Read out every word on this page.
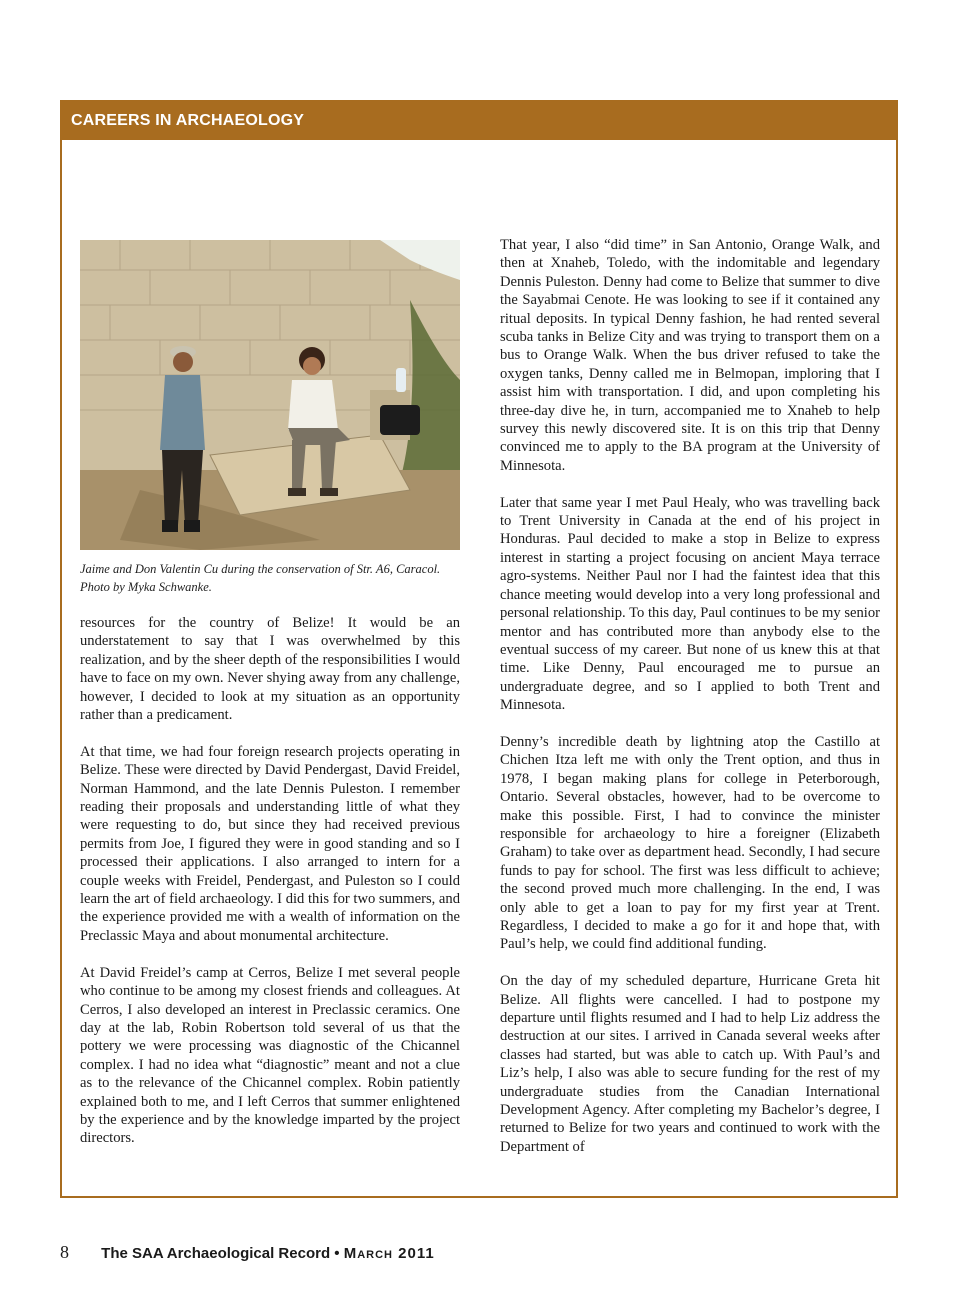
CAREERS IN ARCHAEOLOGY
Jaime and Don Valentin Cu during the conservation of Str. A6, Caracol. Photo by Myka Schwanke.

resources for the country of Belize! It would be an understatement to say that I was overwhelmed by this realization, and by the sheer depth of the responsibilities I would have to face on my own. Never shying away from any challenge, however, I decided to look at my situation as an opportunity rather than a predicament.

At that time, we had four foreign research projects operating in Belize. These were directed by David Pendergast, David Freidel, Norman Hammond, and the late Dennis Puleston. I remember reading their proposals and understanding little of what they were requesting to do, but since they had received previous permits from Joe, I figured they were in good standing and so I processed their applications. I also arranged to intern for a couple weeks with Freidel, Pendergast, and Puleston so I could learn the art of field archaeology. I did this for two summers, and the experience provided me with a wealth of information on the Preclassic Maya and about monumental architecture.

At David Freidel’s camp at Cerros, Belize I met several people who continue to be among my closest friends and colleagues. At Cerros, I also developed an interest in Preclassic ceramics. One day at the lab, Robin Robertson told several of us that the pottery we were processing was diagnostic of the Chicannel complex. I had no idea what “diagnostic” meant and not a clue as to the relevance of the Chicannel complex. Robin patiently explained both to me, and I left Cerros that summer enlightened by the experience and by the knowledge imparted by the project directors.

That year, I also “did time” in San Antonio, Orange Walk, and then at Xnaheb, Toledo, with the indomitable and legendary Dennis Puleston. Denny had come to Belize that summer to dive the Sayabmai Cenote. He was looking to see if it contained any ritual deposits. In typical Denny fashion, he had rented several scuba tanks in Belize City and was trying to transport them on a bus to Orange Walk. When the bus driver refused to take the oxygen tanks, Denny called me in Belmopan, imploring that I assist him with transportation. I did, and upon completing his three-day dive he, in turn, accompanied me to Xnaheb to help survey this newly discovered site. It is on this trip that Denny convinced me to apply to the BA program at the University of Minnesota.

Later that same year I met Paul Healy, who was travelling back to Trent University in Canada at the end of his project in Honduras. Paul decided to make a stop in Belize to express interest in starting a project focusing on ancient Maya terrace agro-systems. Neither Paul nor I had the faintest idea that this chance meeting would develop into a very long professional and personal relationship. To this day, Paul continues to be my senior mentor and has contributed more than anybody else to the eventual success of my career. But none of us knew this at that time. Like Denny, Paul encouraged me to pursue an undergraduate degree, and so I applied to both Trent and Minnesota.

Denny’s incredible death by lightning atop the Castillo at Chichen Itza left me with only the Trent option, and thus in 1978, I began making plans for college in Peterborough, Ontario. Several obstacles, however, had to be overcome to make this possible. First, I had to convince the minister responsible for archaeology to hire a foreigner (Elizabeth Graham) to take over as department head. Secondly, I had secure funds to pay for school. The first was less difficult to achieve; the second proved much more challenging. In the end, I was only able to get a loan to pay for my first year at Trent. Regardless, I decided to make a go for it and hope that, with Paul’s help, we could find additional funding.

On the day of my scheduled departure, Hurricane Greta hit Belize. All flights were cancelled. I had to postpone my departure until flights resumed and I had to help Liz address the destruction at our sites. I arrived in Canada several weeks after classes had started, but was able to catch up. With Paul’s and Liz’s help, I also was able to secure funding for the rest of my undergraduate studies from the Canadian International Development Agency. After completing my Bachelor’s degree, I returned to Belize for two years and continued to work with the Department of

8 The SAA Archaeological Record • March 2011
